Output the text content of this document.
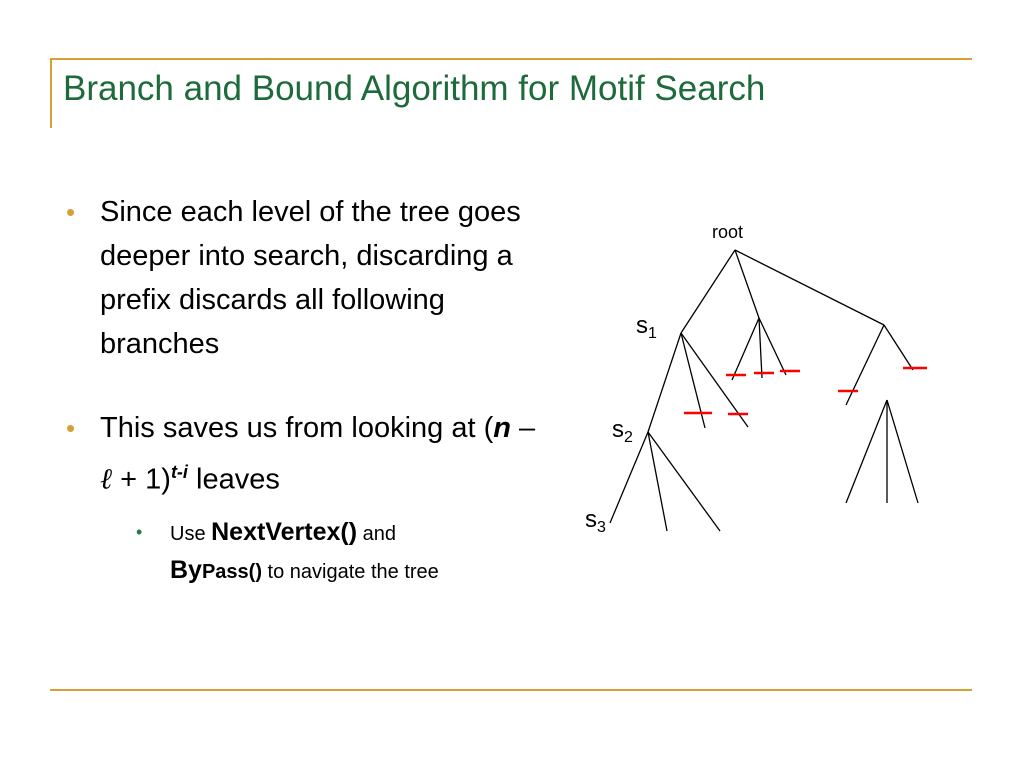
Branch and Bound Algorithm for Motif Search
• Since each level of the tree goes deeper into search, discarding a prefix discards all following branches
• This saves us from looking at (n – ℓ + 1)$^{t-i}$ leaves
• Use NextVertex() and
ByPass() to navigate the tree
root
$s_1$
$s_2$
$s_3$
